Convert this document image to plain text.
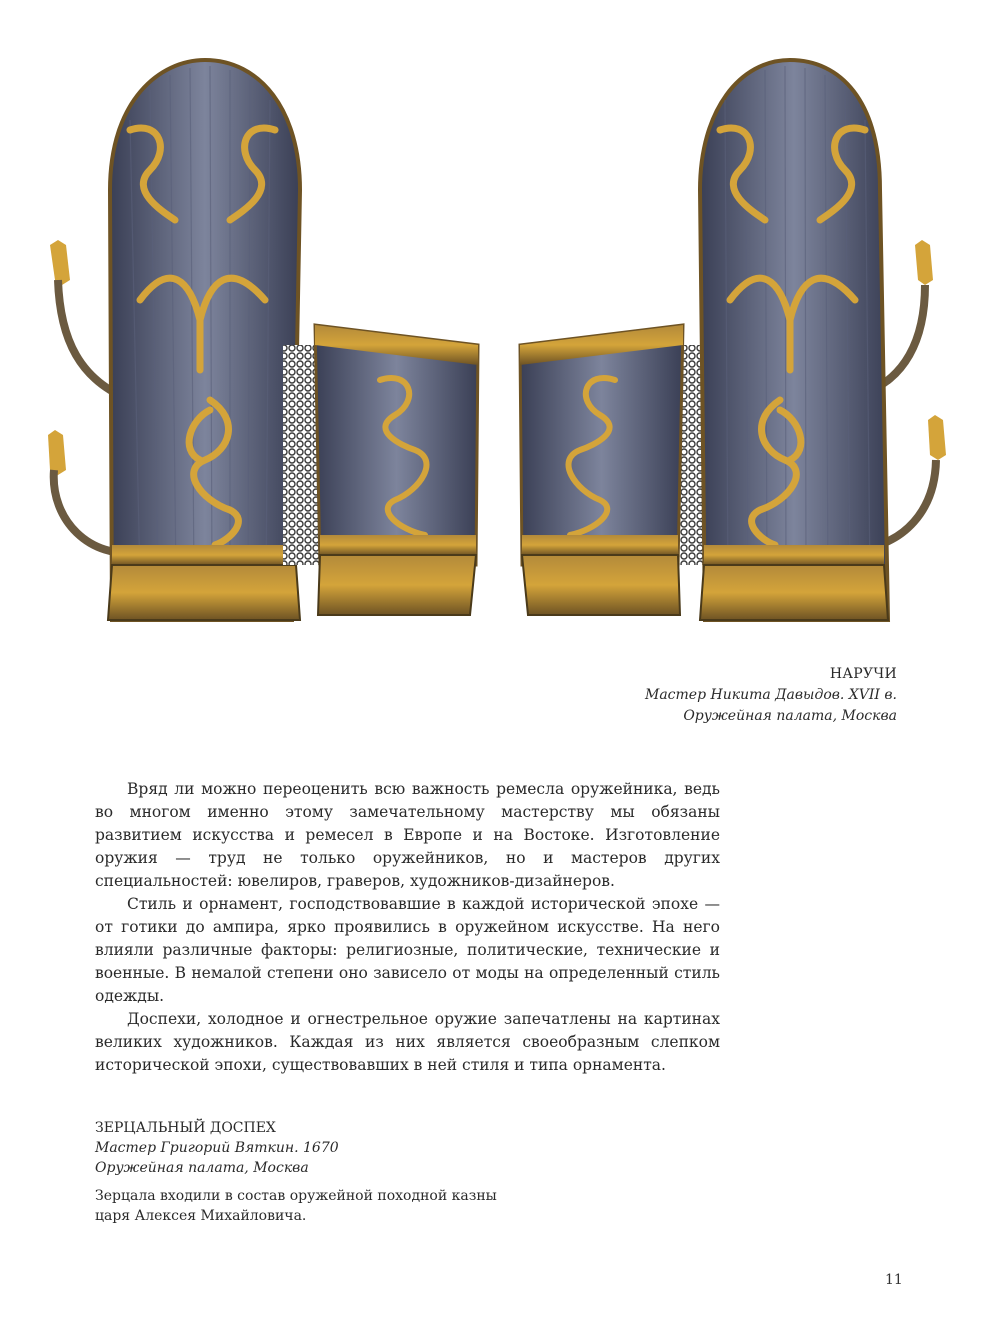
НАРУЧИ
Мастер Никита Давыдов. XVII в.
Оружейная палата, Москва

Вряд ли можно переоценить всю важность ремесла оружейника, ведь во многом именно этому замечательному мастерству мы обязаны развитием искусства и ремесел в Европе и на Востоке. Изготовление оружия — труд не только оружейников, но и мастеров других специальностей: ювелиров, граверов, художников-дизайнеров.

Стиль и орнамент, господствовавшие в каждой исторической эпохе — от готики до ампира, ярко проявились в оружейном искусстве. На него влияли различные факторы: религиозные, политические, технические и военные. В немалой степени оно зависело от моды на определенный стиль одежды.

Доспехи, холодное и огнестрельное оружие запечатлены на картинах великих художников. Каждая из них является своеобразным слепком исторической эпохи, существовавших в ней стиля и типа орнамента.

ЗЕРЦАЛЬНЫЙ ДОСПЕХ
Мастер Григорий Вяткин. 1670
Оружейная палата, Москва
Зерцала входили в состав оружейной походной казны царя Алексея Михайловича.
11
